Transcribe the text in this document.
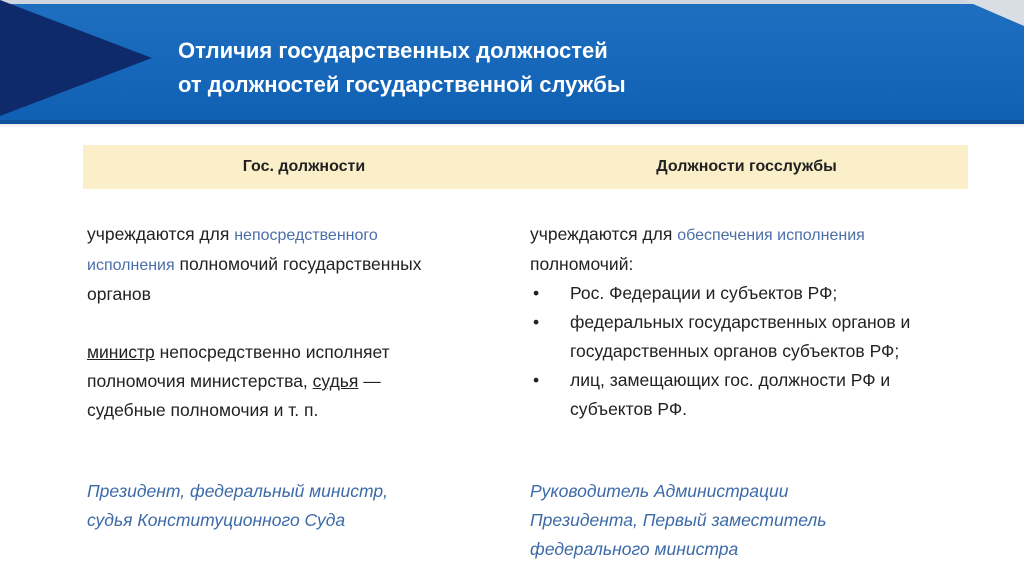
Отличия государственных должностей
от должностей государственной службы
Гос. должности	Должности госслужбы

учреждаются для непосредственного
исполнения полномочий государственных
органов

министр непосредственно исполняет
полномочия министерства, судья —
судебные полномочия и т. п.

учреждаются для обеспечения исполнения
полномочий:

• Рос. Федерации и субъектов РФ;
• федеральных государственных органов и государственных органов субъектов РФ;
• лиц, замещающих гос. должности РФ и субъектов РФ.
Президент, федеральный министр,
судья Конституционного Суда
Руководитель Администрации
Президента, Первый заместитель
федерального министра
